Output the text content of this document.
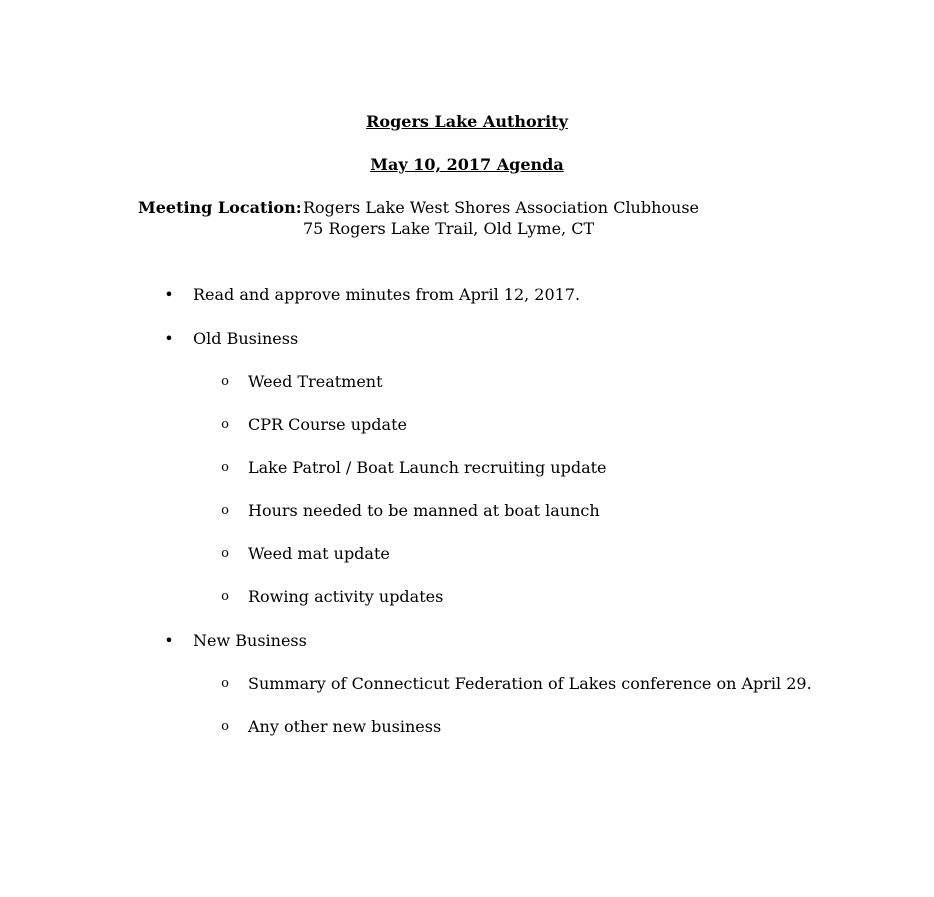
Rogers Lake Authority
May 10, 2017 Agenda
Meeting Location: Rogers Lake West Shores Association Clubhouse
75 Rogers Lake Trail, Old Lyme, CT
• Read and approve minutes from April 12, 2017.
• Old Business
o Weed Treatment
o CPR Course update
o Lake Patrol / Boat Launch recruiting update
o Hours needed to be manned at boat launch
o Weed mat update
o Rowing activity updates
• New Business
o Summary of Connecticut Federation of Lakes conference on April 29.
o Any other new business
